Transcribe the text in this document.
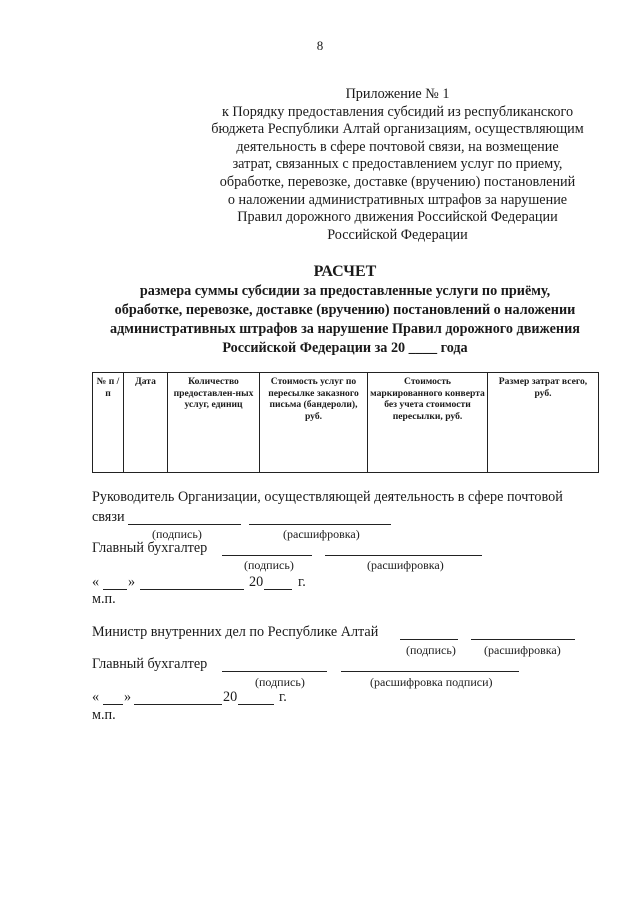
8
Приложение № 1
к Порядку предоставления субсидий из республиканского
бюджета Республики Алтай организациям, осуществляющим
деятельность в сфере почтовой связи, на возмещение
затрат, связанных с предоставлением услуг по приему,
обработке, перевозке, доставке (вручению) постановлений
о наложении административных штрафов за нарушение
Правил дорожного движения Российской Федерации
Российской Федерации
РАСЧЕТ
размера суммы субсидии за предоставленные услуги по приёму,
обработке, перевозке, доставке (вручению) постановлений о наложении
административных штрафов за нарушение Правил дорожного движения
Российской Федерации за 20 ____ года
№ п /п	Дата	Количество предоставлен-ных услуг, единиц	Стоимость услуг по пересылке заказного письма (бандероли), руб.	Стоимость маркированного конверта без учета стоимости пересылки, руб.	Размер затрат всего, руб.
Руководитель Организации, осуществляющей деятельность в сфере почтовой
связи
(подпись)	(расшифровка)
Главный бухгалтер
(подпись)	(расшифровка)
« »	20 г.
м.п.
Министр внутренних дел по Республике Алтай
(подпись) (расшифровка)
Главный бухгалтер
(подпись)	(расшифровка подписи)
« »	20	г.
м.п.
